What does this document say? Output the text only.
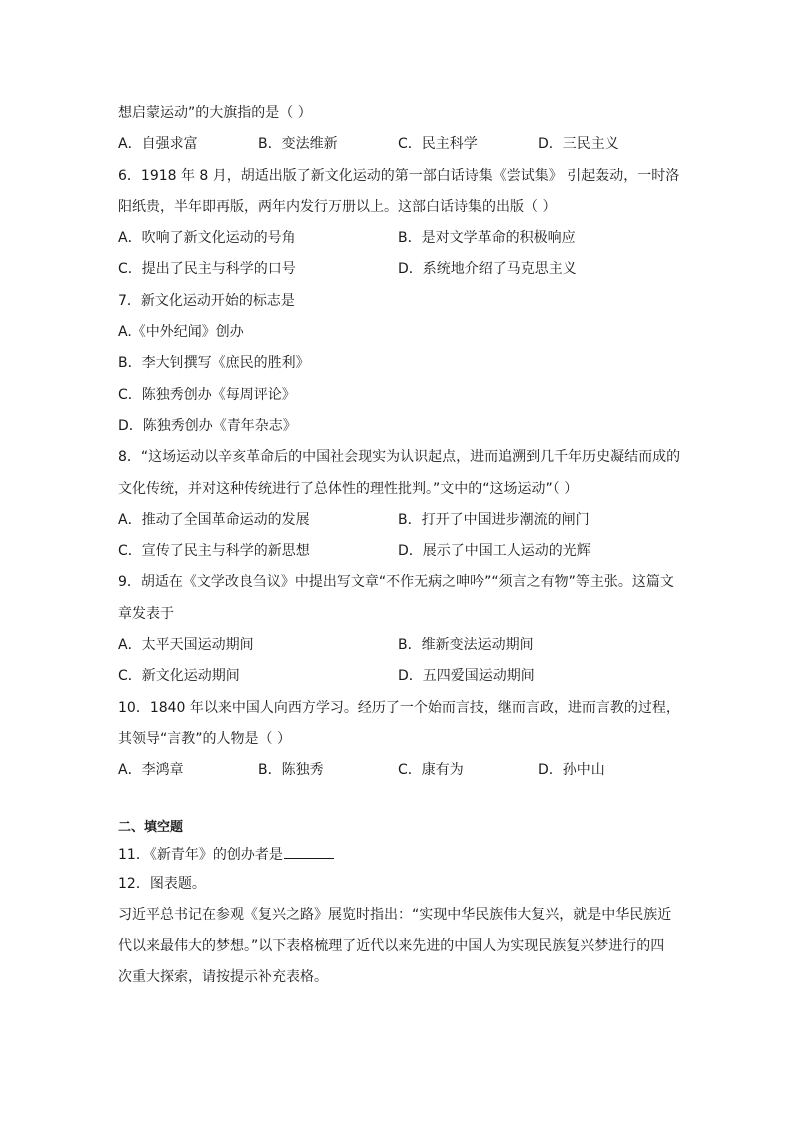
想启蒙运动”的大旗指的是（ ）
A．自强求富	B．变法维新	C．民主科学	D．三民主义
6．1918 年 8 月，胡适出版了新文化运动的第一部白话诗集《尝试集》 引起轰动，一时洛
阳纸贵，半年即再版，两年内发行万册以上。这部白话诗集的出版（ ）
A．吹响了新文化运动的号角	B．是对文学革命的积极响应
C．提出了民主与科学的口号	D．系统地介绍了马克思主义
7．新文化运动开始的标志是
A.《中外纪闻》创办
B．李大钊撰写《庶民的胜利》
C．陈独秀创办《每周评论》
D．陈独秀创办《青年杂志》
8．“这场运动以辛亥革命后的中国社会现实为认识起点，进而追溯到几千年历史凝结而成的
文化传统，并对这种传统进行了总体性的理性批判。”文中的“这场运动”（ ）
A．推动了全国革命运动的发展	B．打开了中国进步潮流的闸门
C．宣传了民主与科学的新思想	D．展示了中国工人运动的光辉
9．胡适在《文学改良刍议》中提出写文章“不作无病之呻吟”“须言之有物”等主张。这篇文
章发表于
A．太平天国运动期间	B．维新变法运动期间
C．新文化运动期间	D．五四爱国运动期间
10．1840 年以来中国人向西方学习。经历了一个始而言技，继而言政，进而言教的过程，
其领导“言教”的人物是（ ）
A．李鸿章	B．陈独秀	C．康有为	D．孙中山
二、填空题
11．《新青年》的创办者是
12．图表题。
习近平总书记在参观《复兴之路》展览时指出：“实现中华民族伟大复兴，就是中华民族近
代以来最伟大的梦想。”以下表格梳理了近代以来先进的中国人为实现民族复兴梦进行的四
次重大探索，请按提示补充表格。
